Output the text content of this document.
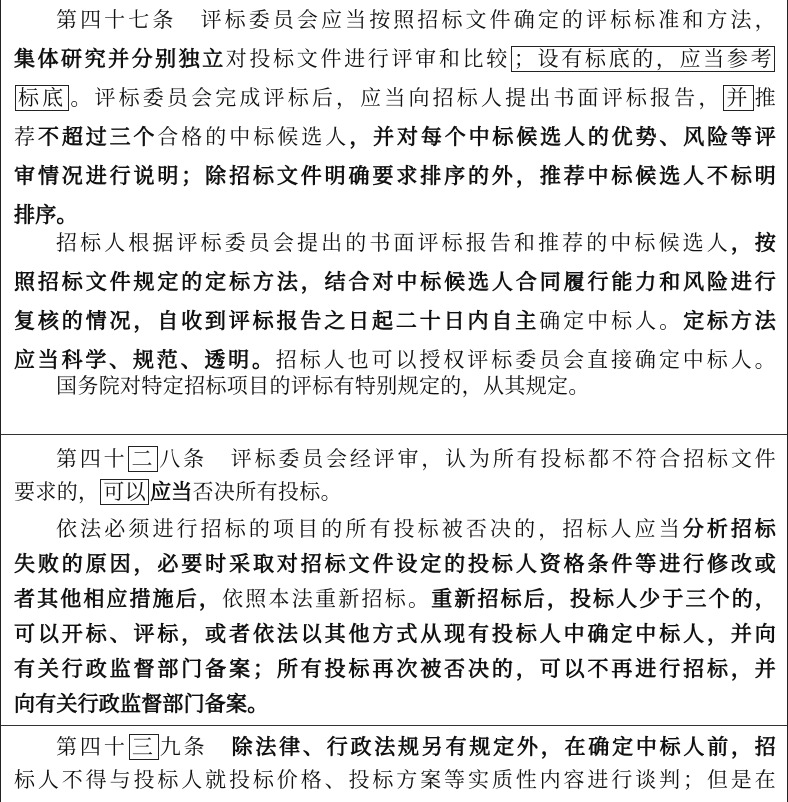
第四十七条　 评标委员会应当按照招标文件确定的评标标准和方法，
集体研究并分别独立对投标文件进行评审和比较 ；设有标底的，应当参考
标底 。评标委员会完成评标后，应当向招标人提出书面评标报告， 并 推
荐不超过三个合格的中标候选人，并对每个中标候选人的优势、风险等评
审情况进行说明；除招标文件明确要求排序的外，推荐中标候选人不标明
排序。
招标人根据评标委员会提出的书面评标报告和推荐的中标候选人，按
照招标文件规定的定标方法，结合对中标候选人合同履行能力和风险进行
复核的情况，自收到评标报告之日起二十日内自主确定中标人。定标方法
应当科学、规范、透明。招标人也可以授权评标委员会直接确定中标人。
国务院对特定招标项目的评标有特别规定的，从其规定。
第四十 二 八条　 评标委员会经评审，认为所有投标都不符合招标文件
要求的， 可以 应当否决所有投标。
依法必须进行招标的项目的所有投标被否决的，招标人应当分析招标
失败的原因，必要时采取对招标文件设定的投标人资格条件等进行修改或
者其他相应措施后，依照本法重新招标。重新招标后，投标人少于三个的，
可以开标、评标，或者依法以其他方式从现有投标人中确定中标人，并向
有关行政监督部门备案；所有投标再次被否决的，可以不再进行招标，并
向有关行政监督部门备案。
第四十 三 九条　 除法律、行政法规另有规定外，在确定中标人前，招
标人不得与投标人就投标价格、投标方案等实质性内容进行谈判；但是在
